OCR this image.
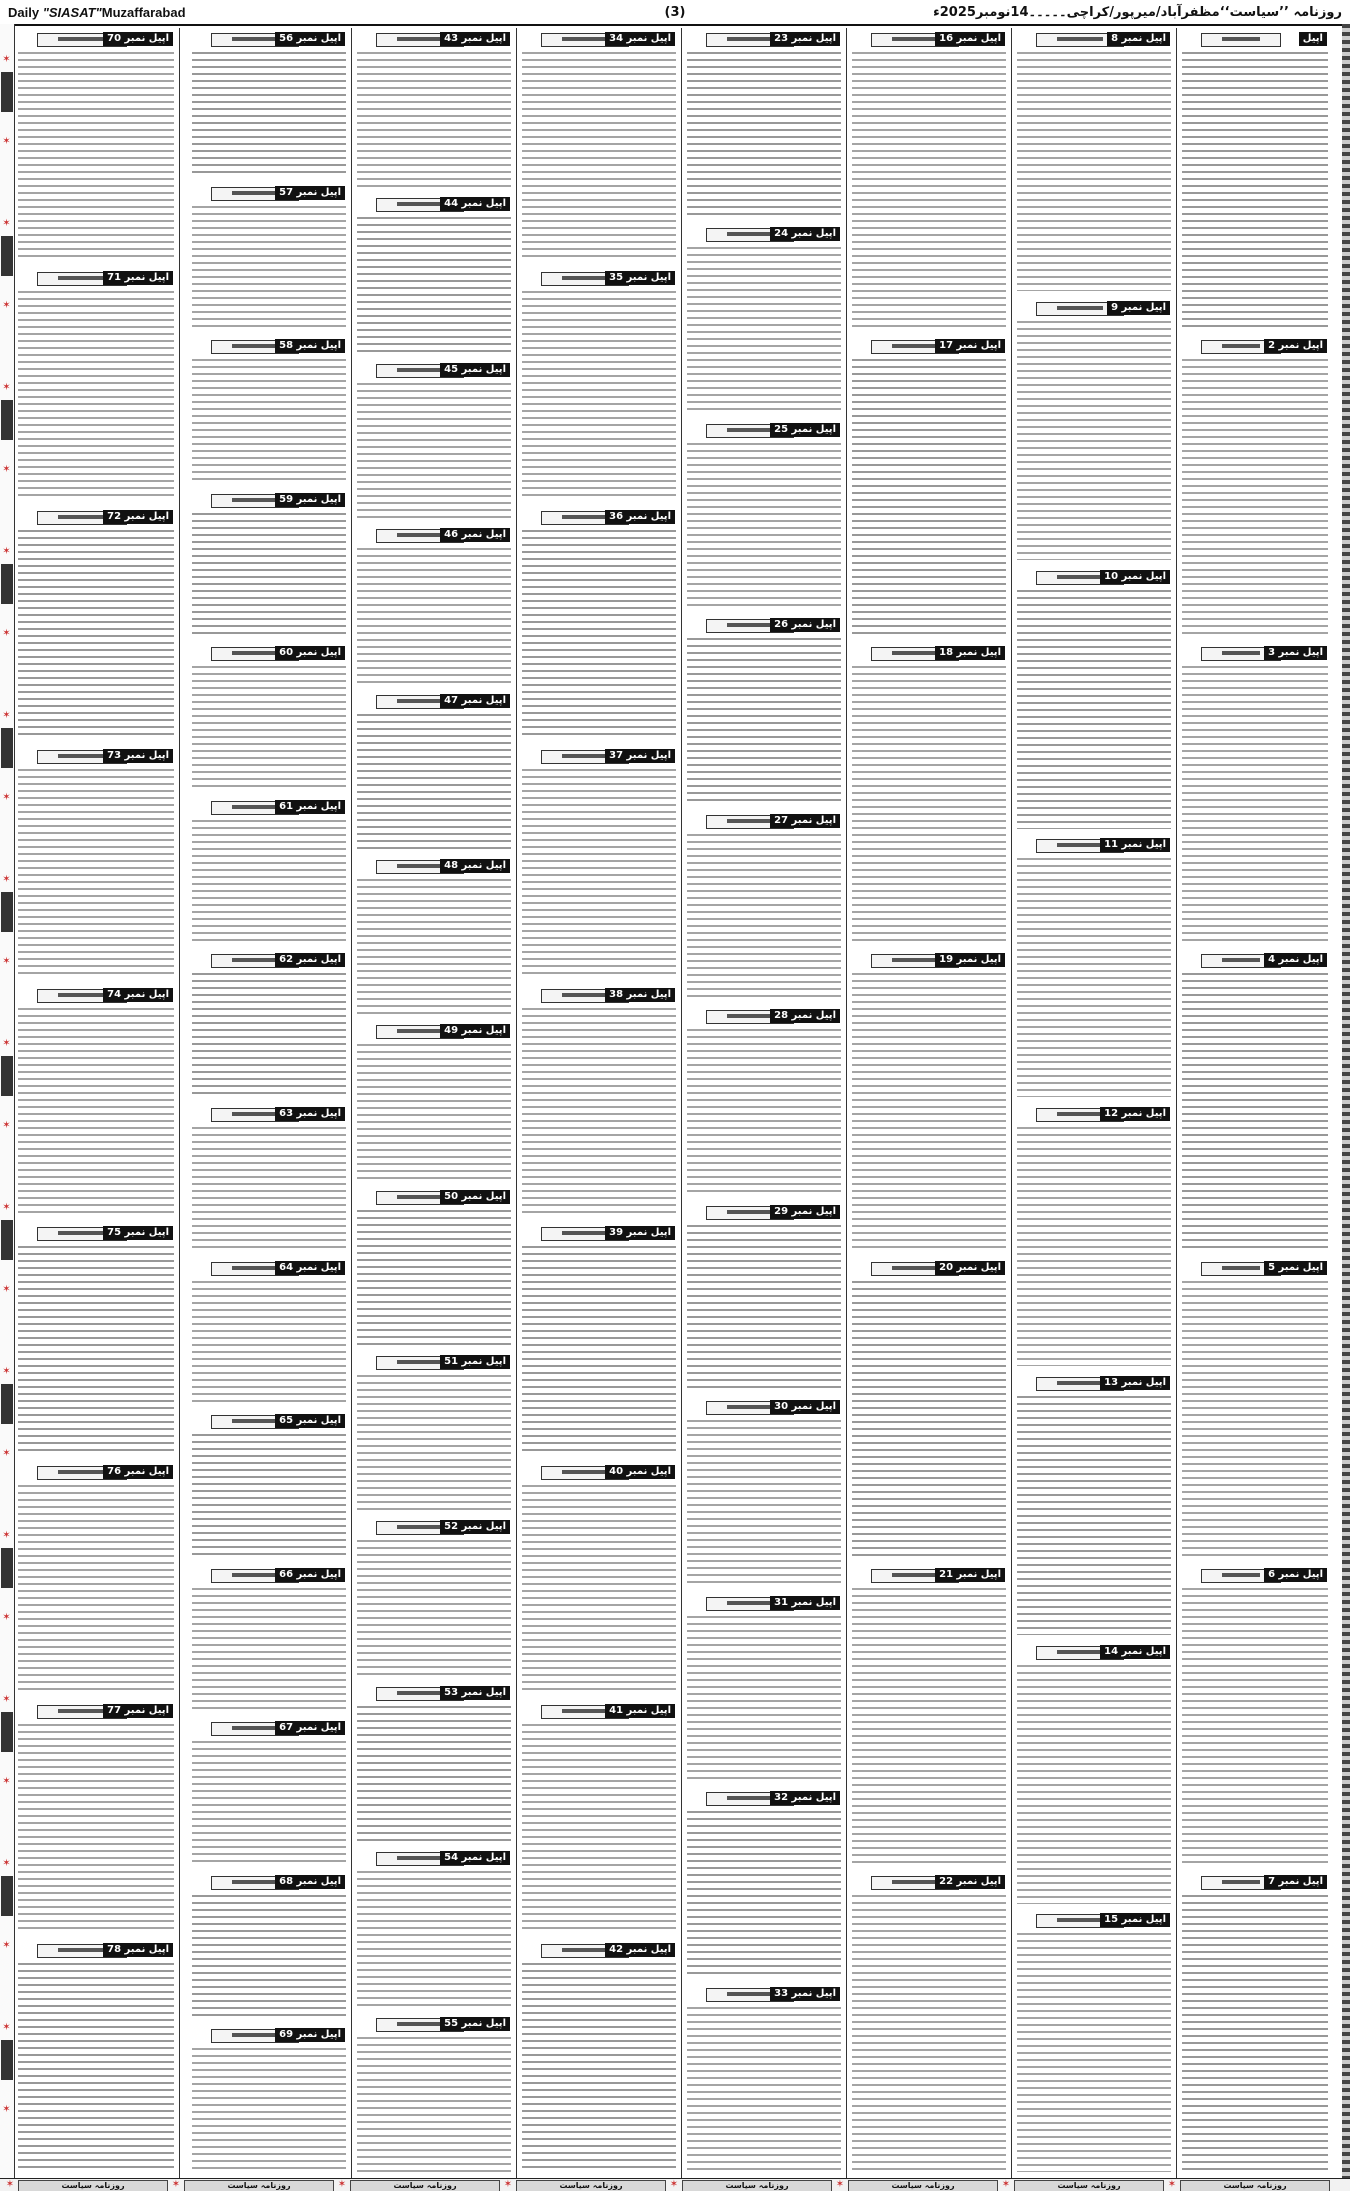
Daily "SIASAT"Muzaffarabad	(3)	روزنامہ ’’سیاست‘‘مظفرآباد/میرپور/کراچی۔۔۔۔۔14نومبر2025ء
✶
✶
✶
✶
✶
✶
✶
✶
✶
✶
✶
✶
✶
✶
✶
✶
✶
✶
✶
✶
✶
✶
✶
✶
✶
✶
اپیل
اپیل نمبر 2
اپیل نمبر 3
اپیل نمبر 4
اپیل نمبر 5
اپیل نمبر 6
اپیل نمبر 7
اپیل نمبر 8
اپیل نمبر 9
اپیل نمبر 10
اپیل نمبر 11
اپیل نمبر 12
اپیل نمبر 13
اپیل نمبر 14
اپیل نمبر 15
اپیل نمبر 16
اپیل نمبر 17
اپیل نمبر 18
اپیل نمبر 19
اپیل نمبر 20
اپیل نمبر 21
اپیل نمبر 22
اپیل نمبر 23
اپیل نمبر 24
اپیل نمبر 25
اپیل نمبر 26
اپیل نمبر 27
اپیل نمبر 28
اپیل نمبر 29
اپیل نمبر 30
اپیل نمبر 31
اپیل نمبر 32
اپیل نمبر 33
اپیل نمبر 34
اپیل نمبر 35
اپیل نمبر 36
اپیل نمبر 37
اپیل نمبر 38
اپیل نمبر 39
اپیل نمبر 40
اپیل نمبر 41
اپیل نمبر 42
اپیل نمبر 43
اپیل نمبر 44
اپیل نمبر 45
اپیل نمبر 46
اپیل نمبر 47
اپیل نمبر 48
اپیل نمبر 49
اپیل نمبر 50
اپیل نمبر 51
اپیل نمبر 52
اپیل نمبر 53
اپیل نمبر 54
اپیل نمبر 55
اپیل نمبر 56
اپیل نمبر 57
اپیل نمبر 58
اپیل نمبر 59
اپیل نمبر 60
اپیل نمبر 61
اپیل نمبر 62
اپیل نمبر 63
اپیل نمبر 64
اپیل نمبر 65
اپیل نمبر 66
اپیل نمبر 67
اپیل نمبر 68
اپیل نمبر 69
اپیل نمبر 70
اپیل نمبر 71
اپیل نمبر 72
اپیل نمبر 73
اپیل نمبر 74
اپیل نمبر 75
اپیل نمبر 76
اپیل نمبر 77
اپیل نمبر 78
✶	روزنامہ سیاست	✶	روزنامہ سیاست	✶	روزنامہ سیاست	✶	روزنامہ سیاست	✶	روزنامہ سیاست	✶	روزنامہ سیاست	✶	روزنامہ سیاست	✶	روزنامہ سیاست
